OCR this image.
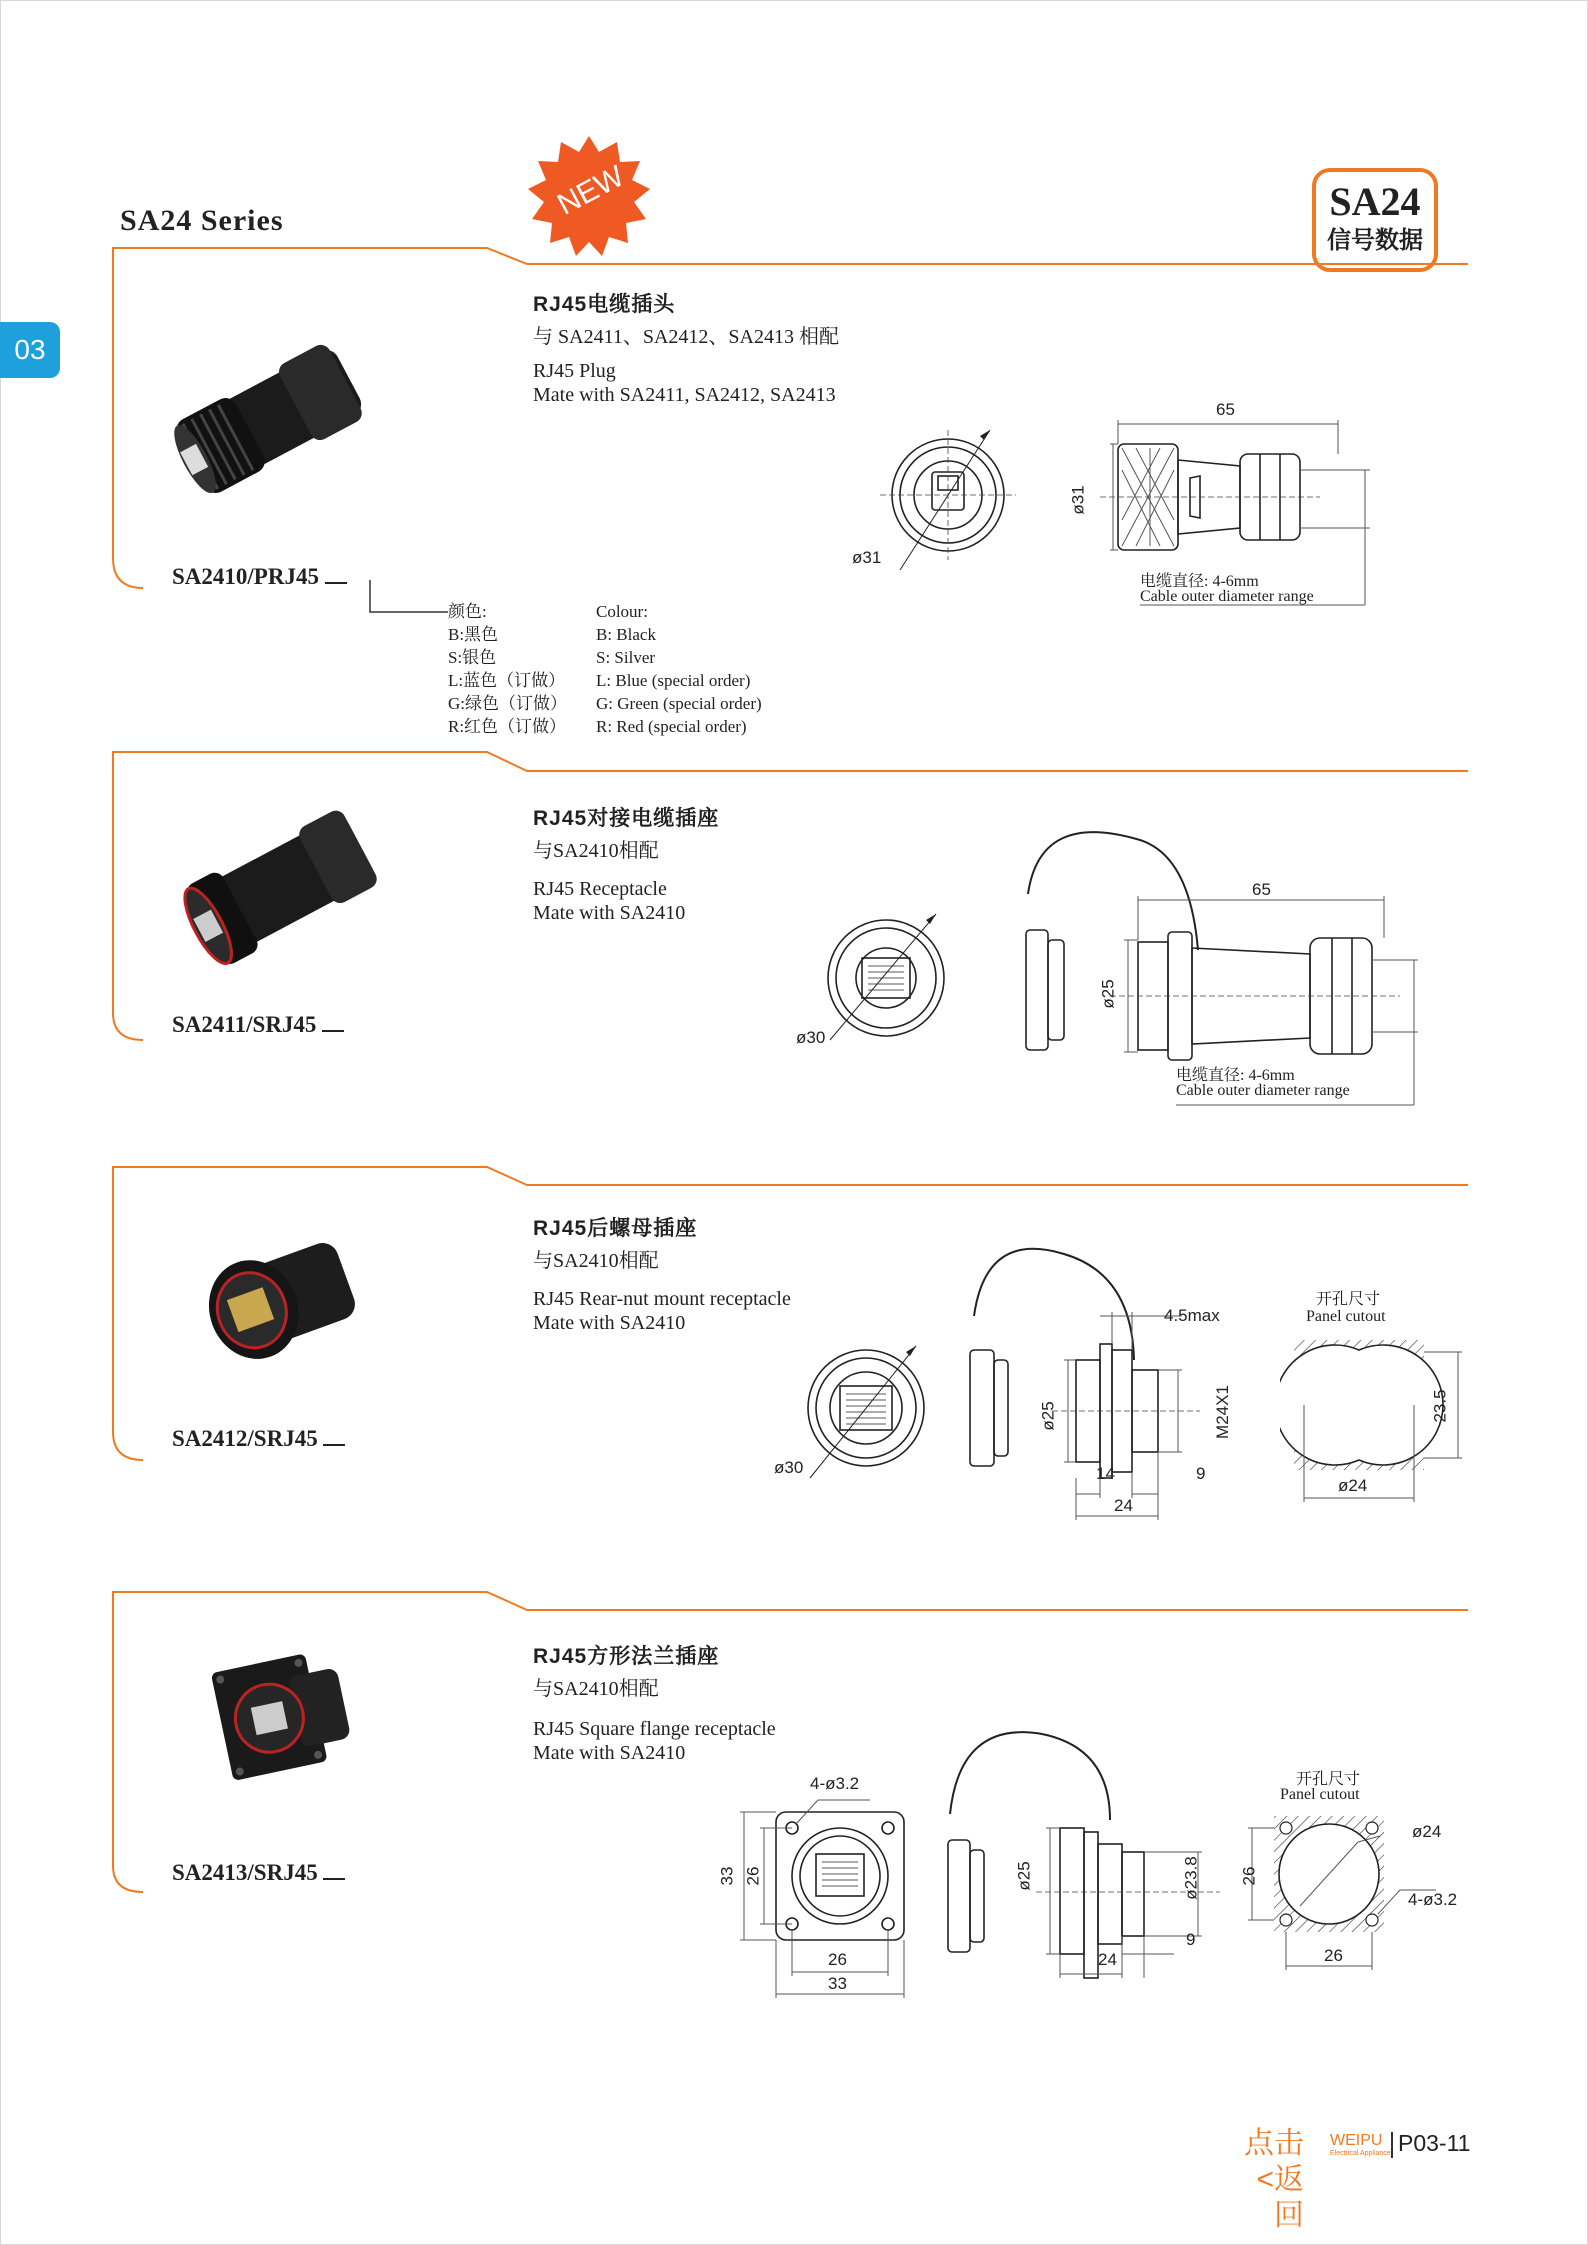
03
SA24 Series	NEW	SA24
信号数据
SA2410/PRJ45
RJ45电缆插头
与 SA2411、SA2412、SA2413 相配
RJ45 Plug
Mate with SA2411, SA2412, SA2413
ø31
65
ø31
电缆直径: 4-6mm
Cable outer diameter range
颜色:
B:黑色
S:银色
L:蓝色（订做）
G:绿色（订做）
R:红色（订做）
Colour:
B: Black
S: Silver
L: Blue (special order)
G: Green (special order)
R: Red (special order)
SA2411/SRJ45
RJ45对接电缆插座
与SA2410相配
RJ45 Receptacle
Mate with SA2410
ø30
65
ø25
电缆直径: 4-6mm
Cable outer diameter range
SA2412/SRJ45
RJ45后螺母插座
与SA2410相配
RJ45 Rear-nut mount receptacle
Mate with SA2410
ø30
4.5max
ø25	M24X1
14	9
24
开孔尺寸
Panel cutout
23.5
ø24
SA2413/SRJ45
RJ45方形法兰插座
与SA2410相配
RJ45 Square flange receptacle
Mate with SA2410
4-ø3.2
33 26
26
33
ø25	ø23.8
24
9
开孔尺寸
Panel cutout
ø24
4-ø3.2
26
26
点击
<返回
WEIPU
Electrical Appliance P03-11
